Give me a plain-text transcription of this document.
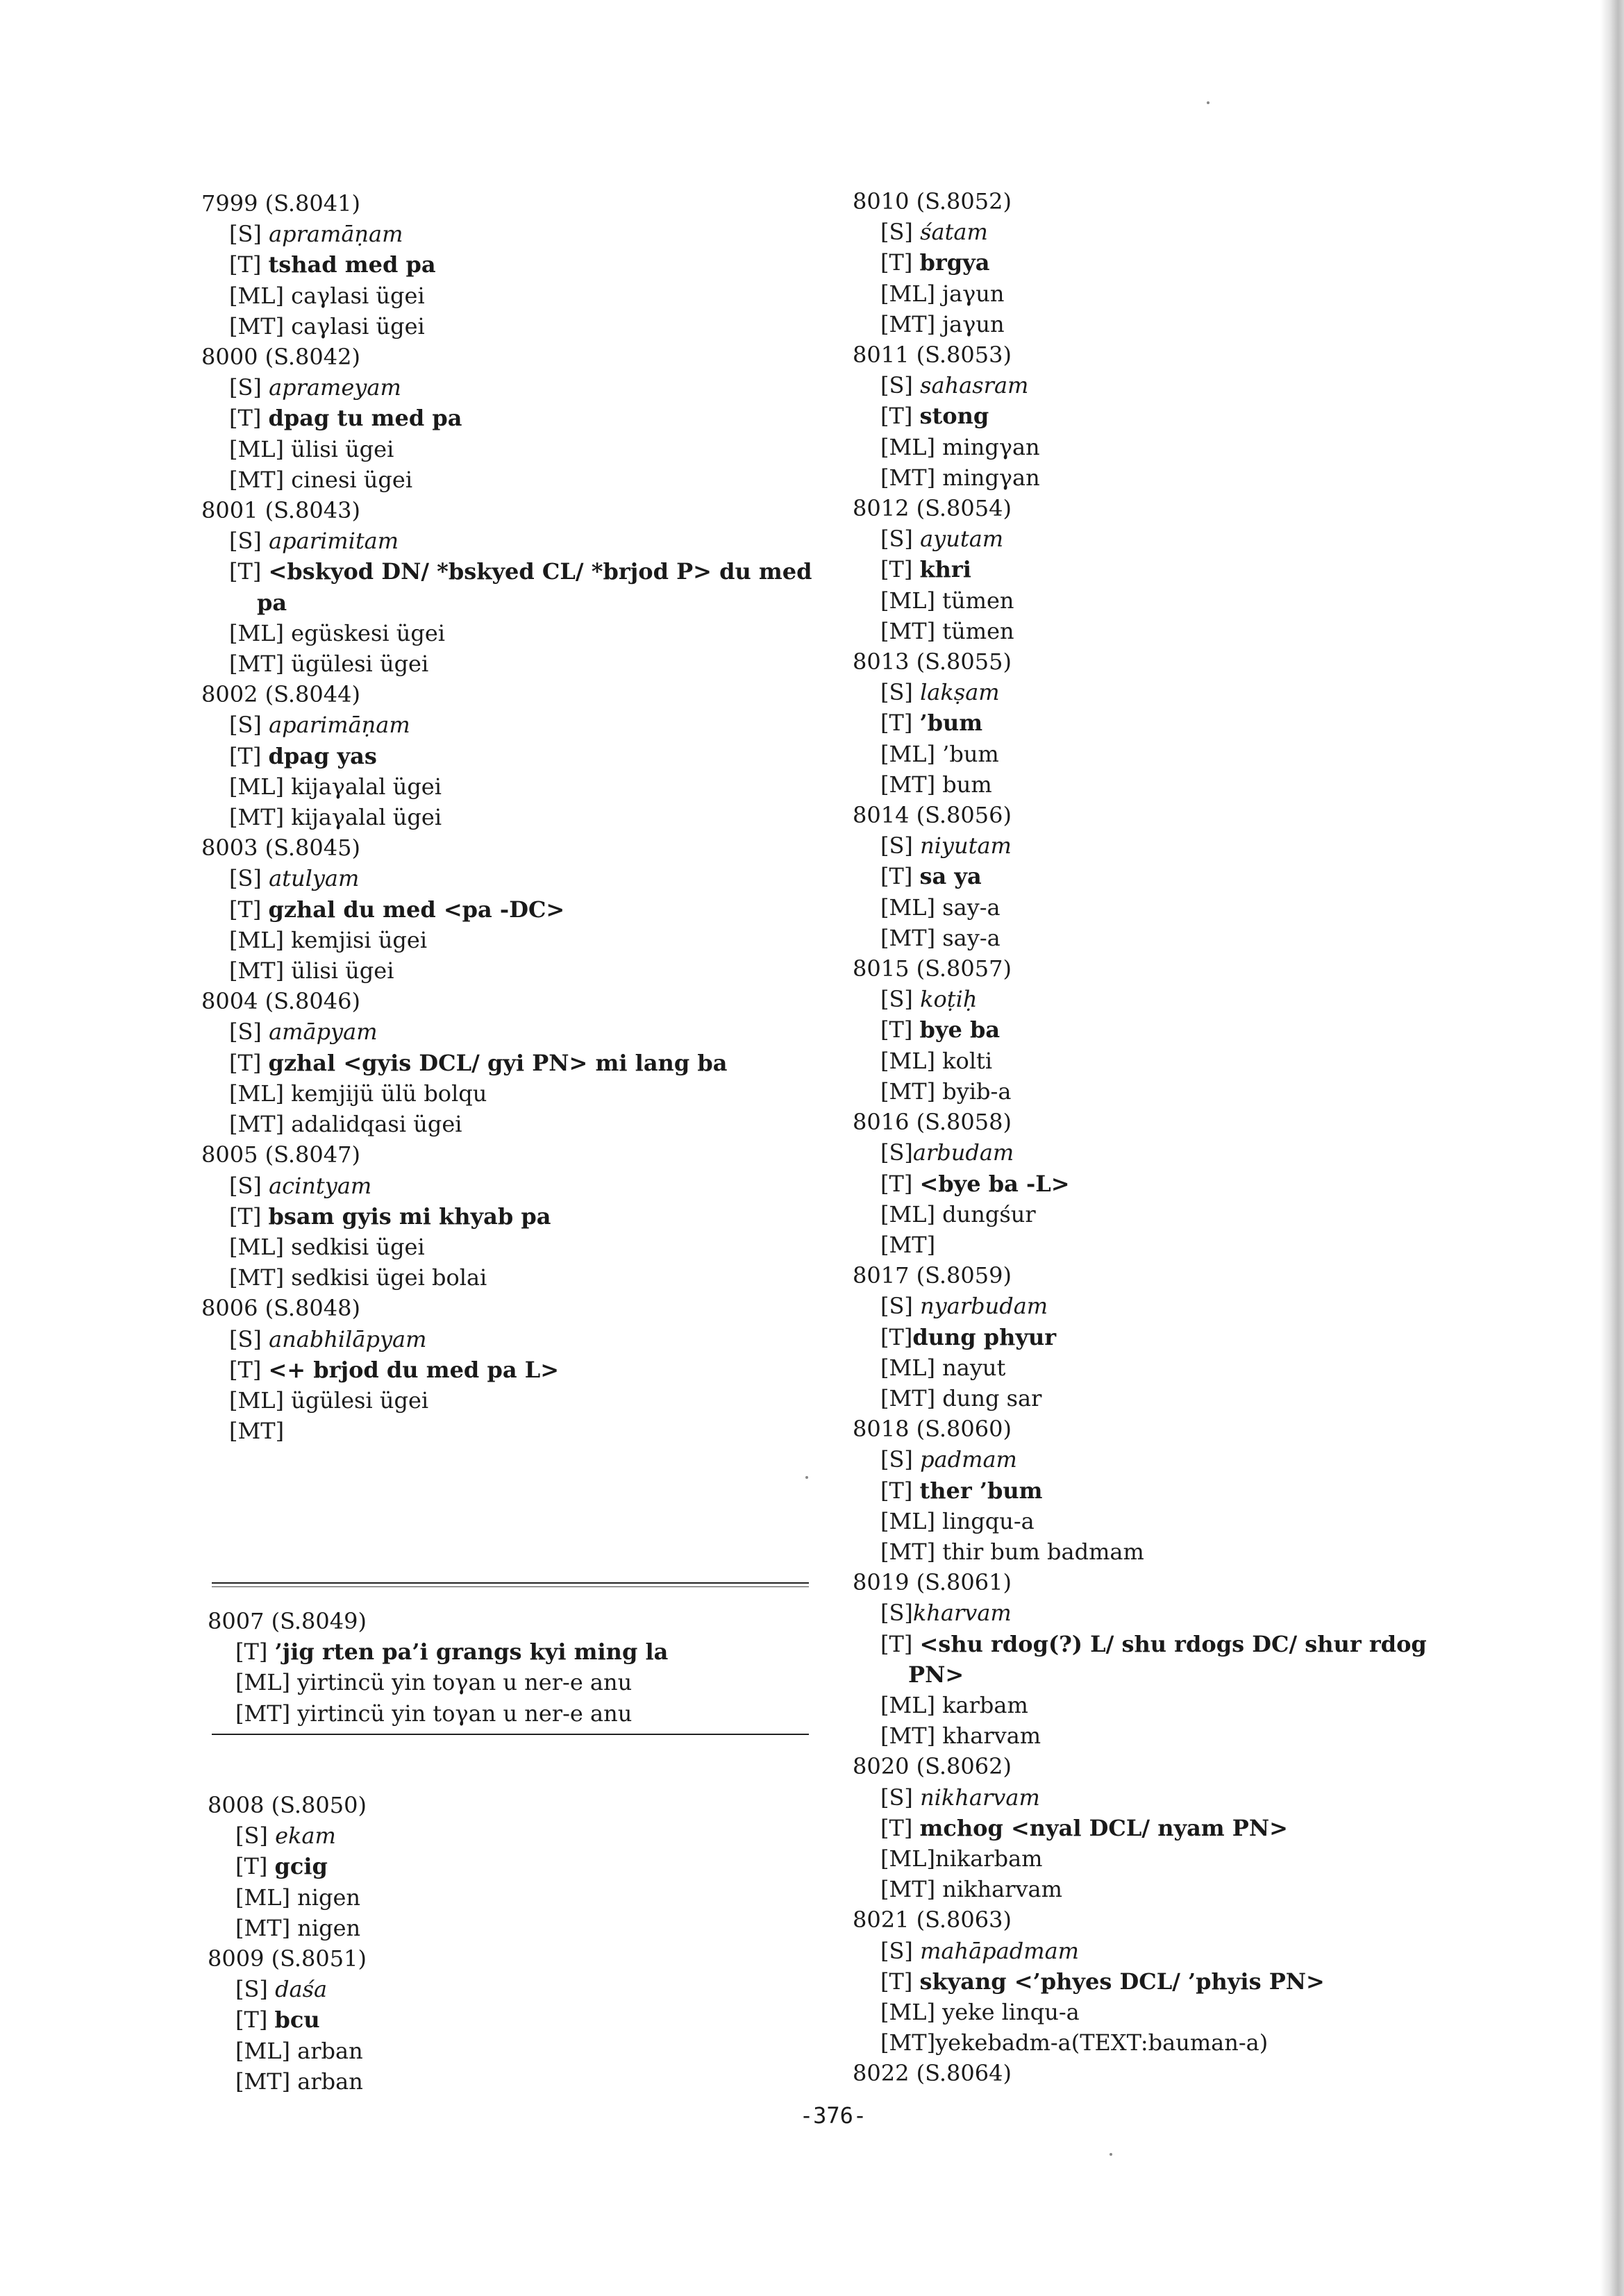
7999 (S.8041)
[S] apramāṇam
[T] tshad med pa
[ML] caγlasi ügei
[MT] caγlasi ügei
8000 (S.8042)
[S] aprameyam
[T] dpag tu med pa
[ML] ülisi ügei
[MT] cinesi ügei
8001 (S.8043)
[S] aparimitam
[T] <bskyod DN/ *bskyed CL/ *brjod P> du med
pa
[ML] egüskesi ügei
[MT] ügülesi ügei
8002 (S.8044)
[S] aparimāṇam
[T] dpag yas
[ML] kijaγalal ügei
[MT] kijaγalal ügei
8003 (S.8045)
[S] atulyam
[T] gzhal du med <pa -DC>
[ML] kemjisi ügei
[MT] ülisi ügei
8004 (S.8046)
[S] amāpyam
[T] gzhal <gyis DCL/ gyi PN> mi lang ba
[ML] kemjijü ülü bolqu
[MT] adalidqasi ügei
8005 (S.8047)
[S] acintyam
[T] bsam gyis mi khyab pa
[ML] sedkisi ügei
[MT] sedkisi ügei bolai
8006 (S.8048)
[S] anabhilāpyam
[T] <+ brjod du med pa L>
[ML] ügülesi ügei
[MT]
8007 (S.8049)
[T] ’jig rten pa’i grangs kyi ming la
[ML] yirtincü yin toγan u ner-e anu
[MT] yirtincü yin toγan u ner-e anu
8008 (S.8050)
[S] ekam
[T] gcig
[ML] nigen
[MT] nigen
8009 (S.8051)
[S] daśa
[T] bcu
[ML] arban
[MT] arban
8010 (S.8052)
[S] śatam
[T] brgya
[ML] jaγun
[MT] jaγun
8011 (S.8053)
[S] sahasram
[T] stong
[ML] mingγan
[MT] mingγan
8012 (S.8054)
[S] ayutam
[T] khri
[ML] tümen
[MT] tümen
8013 (S.8055)
[S] lakṣam
[T] ’bum
[ML] ’bum
[MT] bum
8014 (S.8056)
[S] niyutam
[T] sa ya
[ML] say-a
[MT] say-a
8015 (S.8057)
[S] koṭiḥ
[T] bye ba
[ML] kolti
[MT] byib-a
8016 (S.8058)
[S]arbudam
[T] <bye ba -L>
[ML] dungśur
[MT]
8017 (S.8059)
[S] nyarbudam
[T]dung phyur
[ML] nayut
[MT] dung sar
8018 (S.8060)
[S] padmam
[T] ther ’bum
[ML] lingqu-a
[MT] thir bum badmam
8019 (S.8061)
[S]kharvam
[T] <shu rdog(?) L/ shu rdogs DC/ shur rdog
PN>
[ML] karbam
[MT] kharvam
8020 (S.8062)
[S] nikharvam
[T] mchog <nyal DCL/ nyam PN>
[ML]nikarbam
[MT] nikharvam
8021 (S.8063)
[S] mahāpadmam
[T] skyang <’phyes DCL/ ’phyis PN>
[ML] yeke linqu-a
[MT]yekebadm-a(TEXT:bauman-a)
8022 (S.8064)
-376-
